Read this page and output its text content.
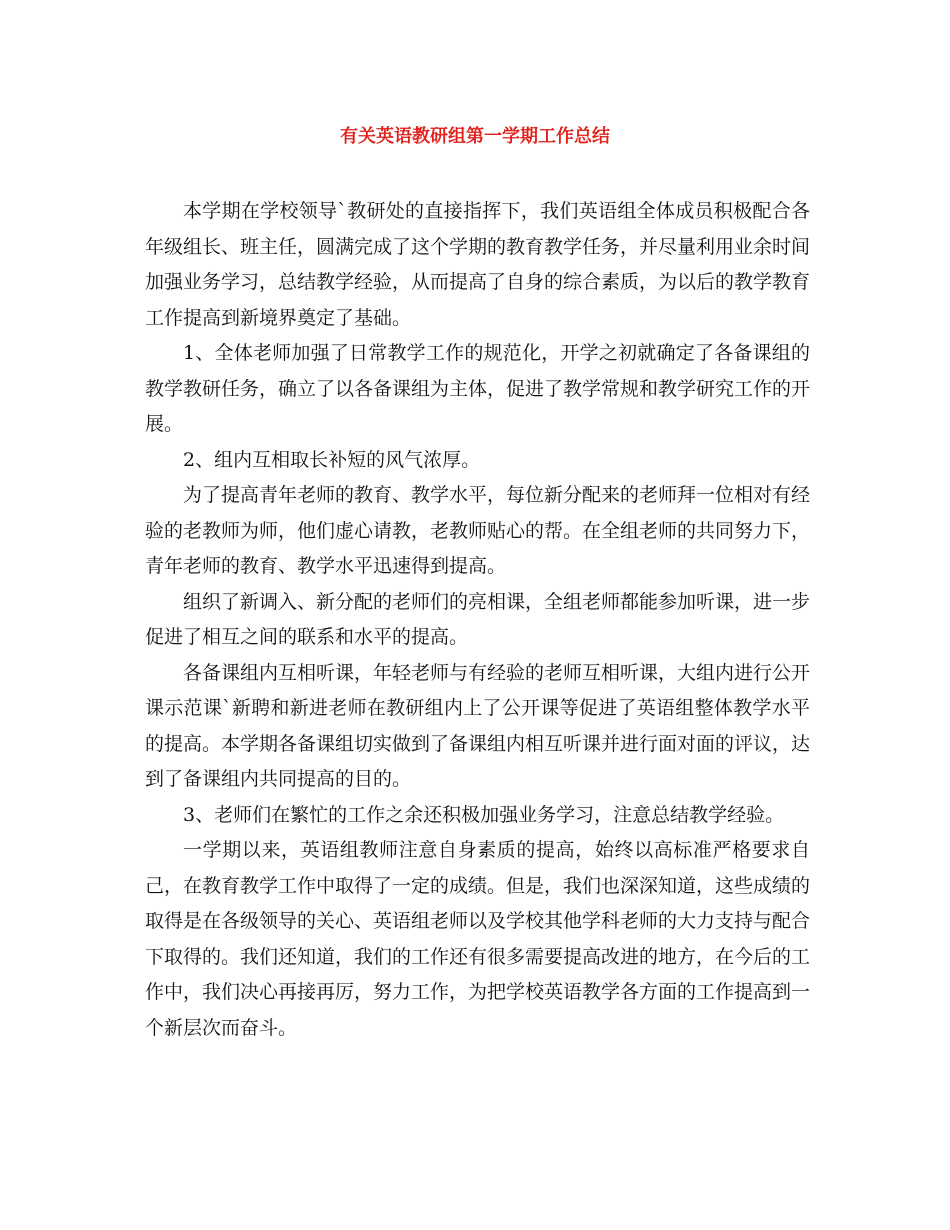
有关英语教研组第一学期工作总结

本学期在学校领导`教研处的直接指挥下，我们英语组全体成员积极配合各年级组长、班主任，圆满完成了这个学期的教育教学任务，并尽量利用业余时间加强业务学习，总结教学经验，从而提高了自身的综合素质，为以后的教学教育工作提高到新境界奠定了基础。

1、全体老师加强了日常教学工作的规范化，开学之初就确定了各备课组的教学教研任务，确立了以各备课组为主体，促进了教学常规和教学研究工作的开展。

2、组内互相取长补短的风气浓厚。

为了提高青年老师的教育、教学水平，每位新分配来的老师拜一位相对有经验的老教师为师，他们虚心请教，老教师贴心的帮。在全组老师的共同努力下，青年老师的教育、教学水平迅速得到提高。

组织了新调入、新分配的老师们的亮相课，全组老师都能参加听课，进一步促进了相互之间的联系和水平的提高。

各备课组内互相听课，年轻老师与有经验的老师互相听课，大组内进行公开课示范课`新聘和新进老师在教研组内上了公开课等促进了英语组整体教学水平的提高。本学期各备课组切实做到了备课组内相互听课并进行面对面的评议，达到了备课组内共同提高的目的。

3、老师们在繁忙的工作之余还积极加强业务学习，注意总结教学经验。

一学期以来，英语组教师注意自身素质的提高，始终以高标准严格要求自己，在教育教学工作中取得了一定的成绩。但是，我们也深深知道，这些成绩的取得是在各级领导的关心、英语组老师以及学校其他学科老师的大力支持与配合下取得的。我们还知道，我们的工作还有很多需要提高改进的地方，在今后的工作中，我们决心再接再厉，努力工作，为把学校英语教学各方面的工作提高到一个新层次而奋斗。
